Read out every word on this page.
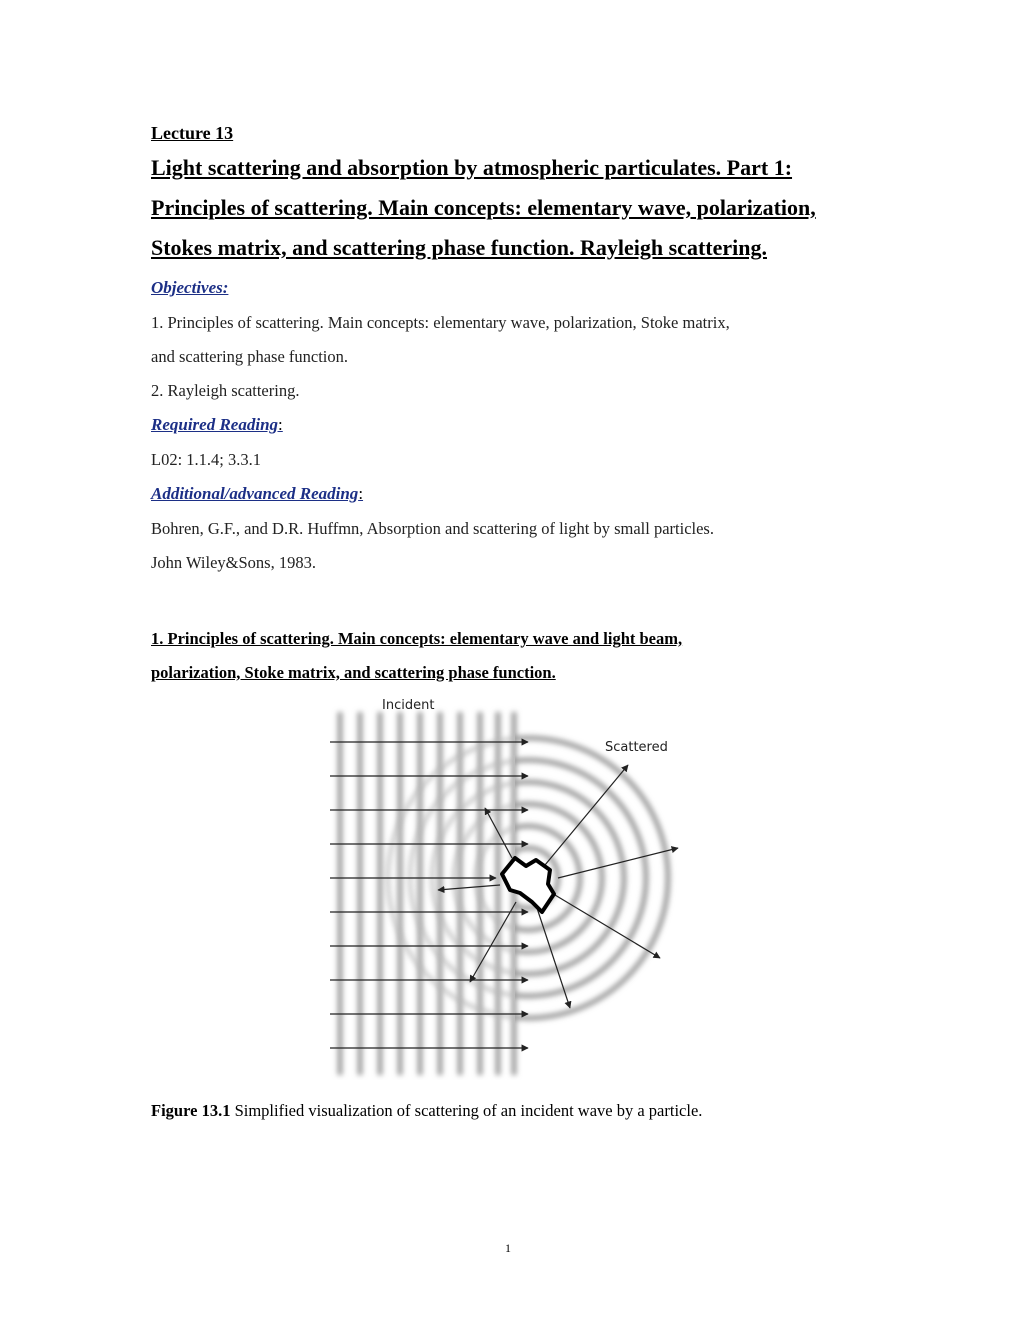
Lecture 13
Light scattering and absorption by atmospheric particulates. Part 1:
Principles of scattering. Main concepts: elementary wave, polarization,
Stokes matrix, and scattering phase function. Rayleigh scattering.
Objectives:
1. Principles of scattering. Main concepts: elementary wave, polarization, Stoke matrix,
and scattering phase function.
2. Rayleigh scattering.
Required Reading:
L02: 1.1.4; 3.3.1
Additional/advanced Reading:
Bohren, G.F., and D.R. Huffmn, Absorption and scattering of light by small particles.
John Wiley&Sons, 1983.
1. Principles of scattering. Main concepts: elementary wave and light beam,
polarization, Stoke matrix, and scattering phase function.
Incident
Scattered
Figure 13.1 Simplified visualization of scattering of an incident wave by a particle.
1
